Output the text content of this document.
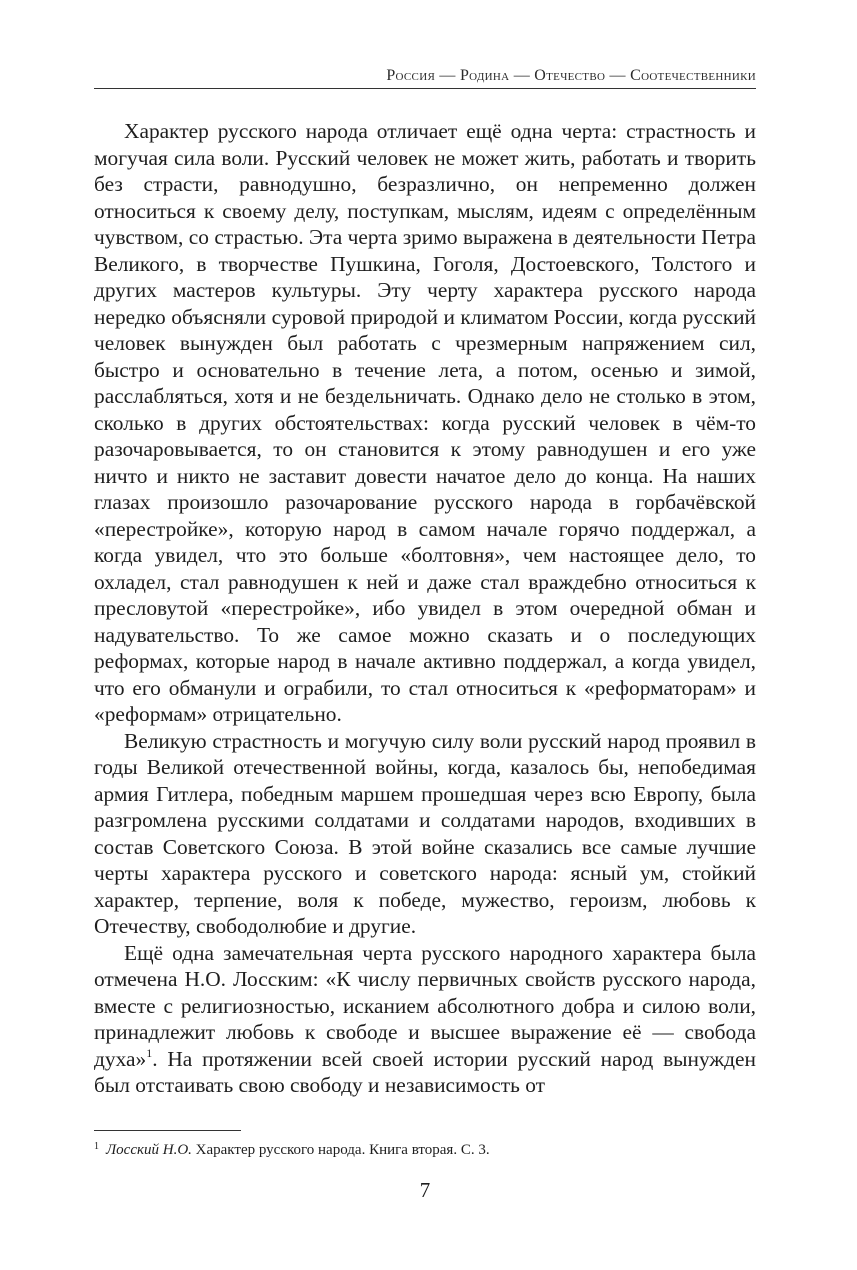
Россия — Родина — Отечество — Соотечественники

Характер русского народа отличает ещё одна черта: страстность и могучая сила воли. Русский человек не может жить, работать и творить без страсти, равнодушно, безразлично, он непременно должен относиться к своему делу, поступкам, мыслям, идеям с определённым чувством, со страстью. Эта черта зримо выражена в деятельности Петра Великого, в творчестве Пушкина, Гоголя, Достоевского, Толстого и других мастеров культуры. Эту черту характера русского народа нередко объясняли суровой природой и климатом России, когда русский человек вынужден был работать с чрезмерным напряжением сил, быстро и основательно в течение лета, а потом, осенью и зимой, расслабляться, хотя и не бездельничать. Однако дело не столько в этом, сколько в других обстоятельствах: когда русский человек в чём-то разочаровывается, то он становится к этому равнодушен и его уже ничто и никто не заставит довести начатое дело до конца. На наших глазах произошло разочарование русского народа в горбачёвской «перестройке», которую народ в самом начале горячо поддержал, а когда увидел, что это больше «болтовня», чем настоящее дело, то охладел, стал равнодушен к ней и даже стал враждебно относиться к пресловутой «перестройке», ибо увидел в этом очередной обман и надувательство. То же самое можно сказать и о последующих реформах, которые народ в начале активно поддержал, а когда увидел, что его обманули и ограбили, то стал относиться к «реформаторам» и «реформам» отрицательно.

Великую страстность и могучую силу воли русский народ проявил в годы Великой отечественной войны, когда, казалось бы, непобедимая армия Гитлера, победным маршем прошедшая через всю Европу, была разгромлена русскими солдатами и солдатами народов, входивших в состав Советского Союза. В этой войне сказались все самые лучшие черты характера русского и советского народа: ясный ум, стойкий характер, терпение, воля к победе, мужество, героизм, любовь к Отечеству, свободолюбие и другие.

Ещё одна замечательная черта русского народного характера была отмечена Н.О. Лосским: «К числу первичных свойств русского народа, вместе с религиозностью, исканием абсолютного добра и силою воли, принадлежит любовь к свободе и высшее выражение её — свобода духа»$^1$. На протяжении всей своей истории русский народ вынужден был отстаивать свою свободу и независимость от

$^1$ Лосский Н.О. Характер русского народа. Книга вторая. С. 3.
7
